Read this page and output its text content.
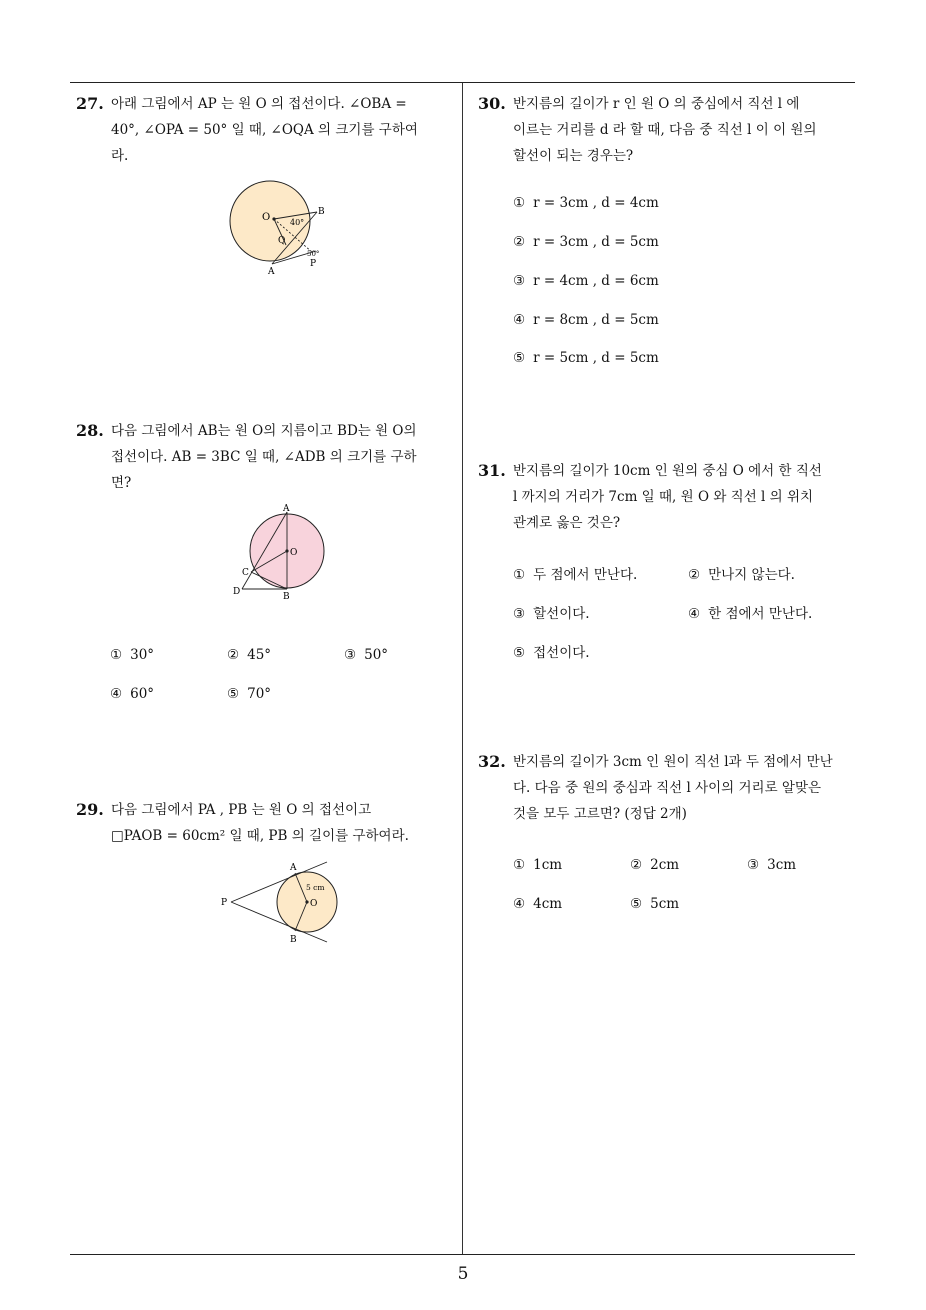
27. 아래 그림에서 AP 는 원 O 의 접선이다. ∠OBA =

40°, ∠OPA = 50° 일 때, ∠OQA 의 크기를 구하여

라.

O	B
Q
A
P
40°
50°
28. 다음 그림에서 AB는 원 O의 지름이고 BD는 원 O의

접선이다. AB = 3BC 일 때, ∠ADB 의 크기를 구하

면?

A
O
C
D	B
① 30°	② 45°	③ 50°
④ 60°	⑤ 70°
29. 다음 그림에서 PA , PB 는 원 O 의 접선이고

□PAOB = 60cm² 일 때, PB 의 길이를 구하여라.

P
A
B
O
5 cm
30. 반지름의 길이가 r 인 원 O 의 중심에서 직선 l 에

이르는 거리를 d 라 할 때, 다음 중 직선 l 이 이 원의

할선이 되는 경우는?

① r = 3cm , d = 4cm
② r = 3cm , d = 5cm
③ r = 4cm , d = 6cm
④ r = 8cm , d = 5cm
⑤ r = 5cm , d = 5cm
31. 반지름의 길이가 10cm 인 원의 중심 O 에서 한 직선

l 까지의 거리가 7cm 일 때, 원 O 와 직선 l 의 위치

관계로 옳은 것은?

① 두 점에서 만난다.	② 만나지 않는다.
③ 할선이다.	④ 한 점에서 만난다.
⑤ 접선이다.
32. 반지름의 길이가 3cm 인 원이 직선 l과 두 점에서 만난

다. 다음 중 원의 중심과 직선 l 사이의 거리로 알맞은

것을 모두 고르면? (정답 2개)

① 1cm	② 2cm	③ 3cm
④ 4cm	⑤ 5cm
5
